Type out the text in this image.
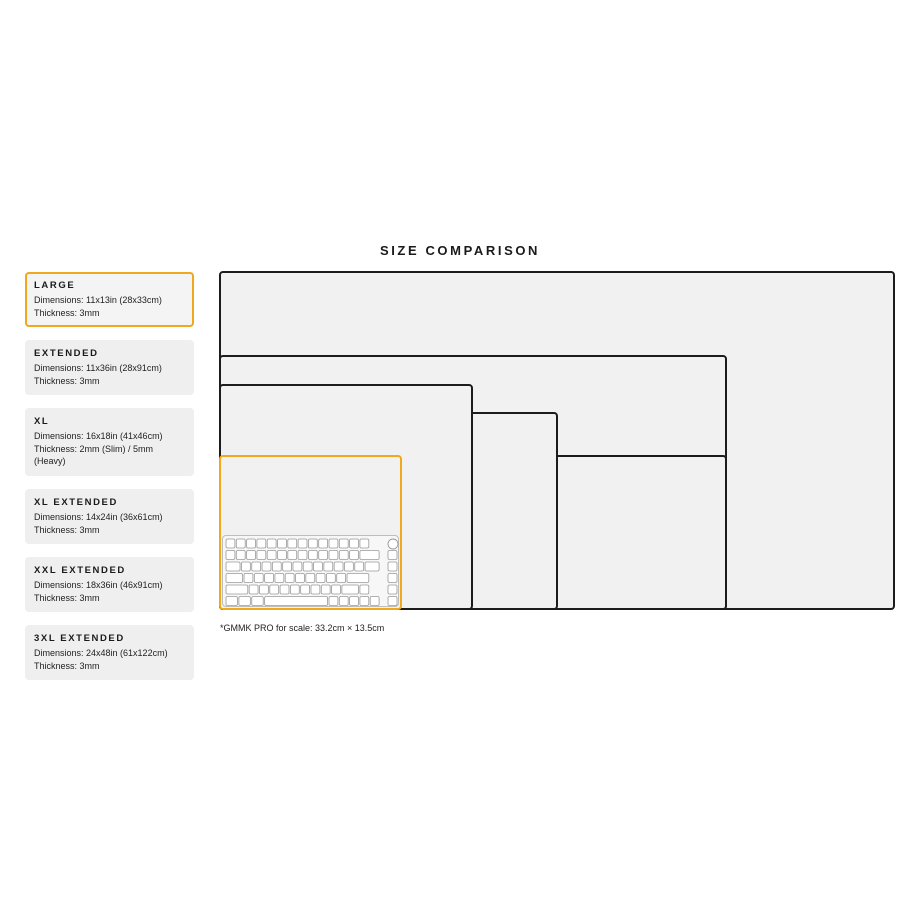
SIZE COMPARISON
LARGE
Dimensions: 11x13in (28x33cm)
Thickness: 3mm
EXTENDED
Dimensions: 11x36in (28x91cm)
Thickness: 3mm
XL
Dimensions: 16x18in (41x46cm)
Thickness: 2mm (Slim) / 5mm
(Heavy)
XL EXTENDED
Dimensions: 14x24in (36x61cm)
Thickness: 3mm
XXL EXTENDED
Dimensions: 18x36in (46x91cm)
Thickness: 3mm
3XL EXTENDED
Dimensions: 24x48in (61x122cm)
Thickness: 3mm
*GMMK PRO for scale: 33.2cm × 13.5cm
